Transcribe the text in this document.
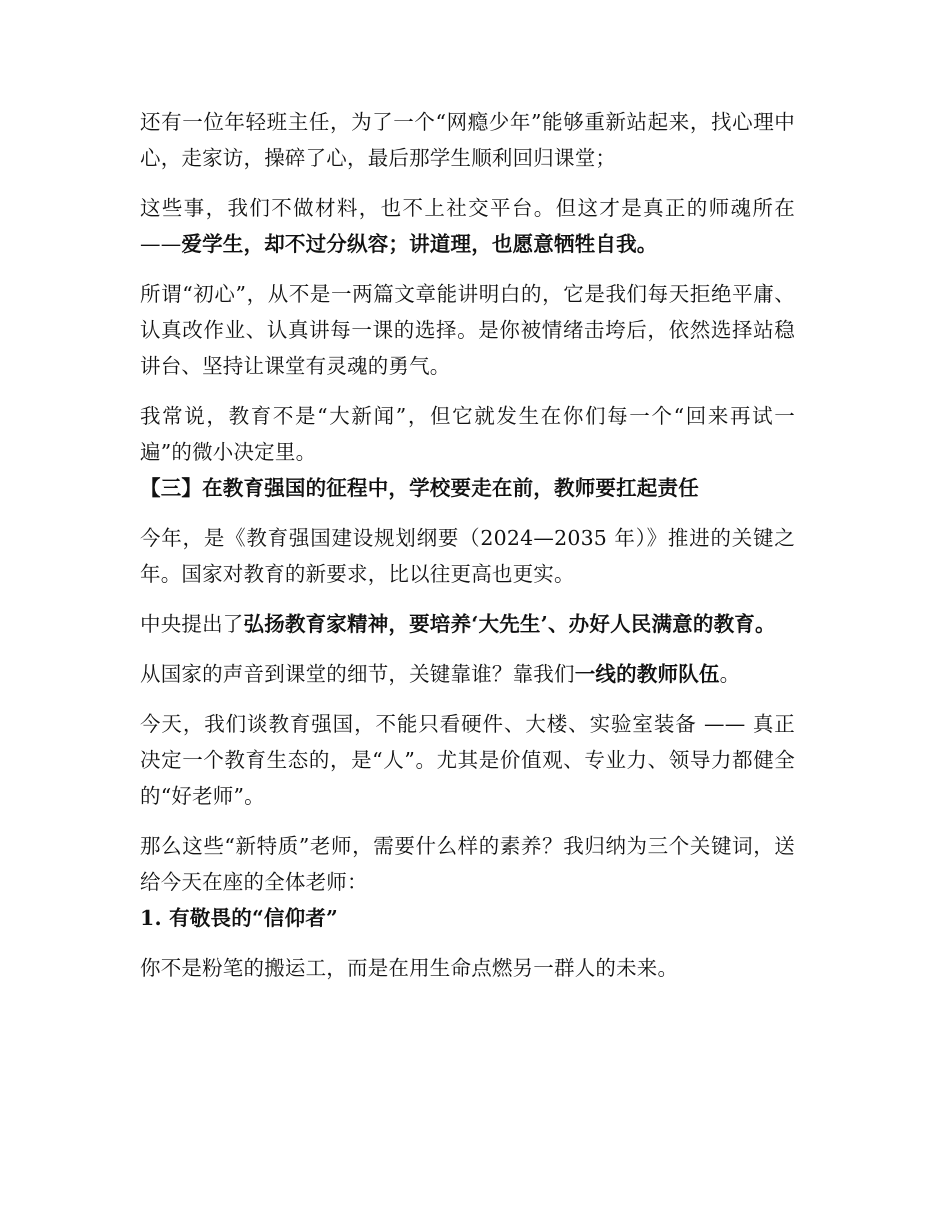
还有一位年轻班主任，为了一个“网瘾少年”能够重新站起来，找心理中心，走家访，操碎了心，最后那学生顺利回归课堂；

这些事，我们不做材料，也不上社交平台。但这才是真正的师魂所在——爱学生，却不过分纵容；讲道理，也愿意牺牲自我。

所谓“初心”，从不是一两篇文章能讲明白的，它是我们每天拒绝平庸、认真改作业、认真讲每一课的选择。是你被情绪击垮后，依然选择站稳讲台、坚持让课堂有灵魂的勇气。

我常说，教育不是“大新闻”，但它就发生在你们每一个“回来再试一遍”的微小决定里。

【三】在教育强国的征程中，学校要走在前，教师要扛起责任

今年，是《教育强国建设规划纲要（2024—2035 年）》推进的关键之年。国家对教育的新要求，比以往更高也更实。

中央提出了弘扬教育家精神，要培养‘大先生’、办好人民满意的教育。

从国家的声音到课堂的细节，关键靠谁？靠我们一线的教师队伍。

今天，我们谈教育强国，不能只看硬件、大楼、实验室装备 —— 真正决定一个教育生态的，是“人”。尤其是价值观、专业力、领导力都健全的“好老师”。

那么这些“新特质”老师，需要什么样的素养？我归纳为三个关键词，送给今天在座的全体老师：

1. 有敬畏的“信仰者”

你不是粉笔的搬运工，而是在用生命点燃另一群人的未来。
